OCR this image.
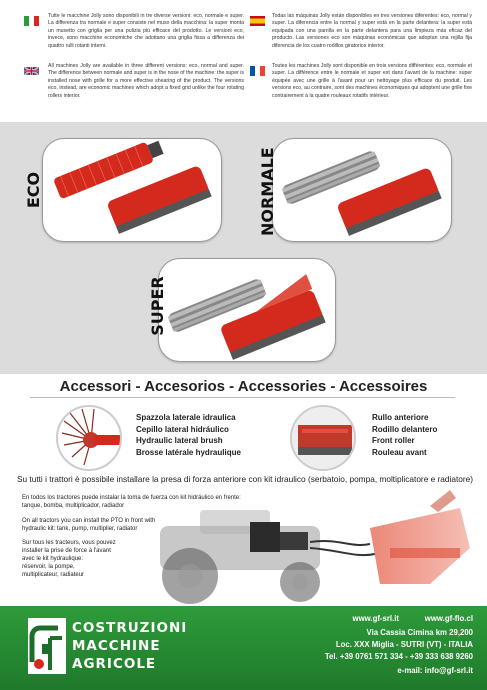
Tutte le macchine Jolly sono disponibili in tre diverse versioni: eco, normale e super. La differenza tra normale e super consiste nel muso della macchina: la super monta un musetto con griglia per una pulizia più efficace del prodotto. Le versioni eco, invece, sono macchine economiche che adottano una griglia fissa a differenza dei quattro rulli rotanti interni.
Todas las máquinas Jolly están disponibles en tres versiones diferentes: eco, normal y super. La diferencia entre la normal y super está en la parte delantera: la super está equipada con una parrilla en la parte delantera para una limpieza más eficaz del producto. Las versiones eco son máquinas económicas que adoptan una rejilla fija diferencia de los cuatro rodillos giratorios interior.
All machines Jolly are available in three different versions: eco, normal and super. The difference between normale and super is in the nose of the machine: the super is installed nose with grille for a more effective shearing of the product. The versions eco, instead, are economic machines which adopt a fixed grid unlike the four rotating rollers interior.
Toutes les machines Jolly sont disponible en trois versions différentes: eco, normale et super. La différence entre le normale et super est dans l'avant de la machine: super équipée avec une grille à l'avant pour un nettoyage plus efficace du produit. Les versions eco, au contraire, sont des machines économiques qui adoptent une grille fixe contrairement à la quatre rouleaux rotatifs intérieur.
ECO	NORMALE
SUPER
Accessori - Accesorios - Accessories - Accessoires
Spazzola laterale idraulica
Cepillo lateral hidráulico
Hydraulic lateral brush
Brosse latérale hydraulique
Rullo anteriore
Rodillo delantero
Front roller
Rouleau avant
Su tutti i trattori è possibile installare la presa di forza anteriore con kit idraulico (serbatoio, pompa, moltiplicatore e radiatore)
En todos los tractores puede instalar la toma de fuerza con kit hidráulico en frente:
tanque, bomba, multiplicador, radiador
On all tractors you can install the PTO in front with
hydraulic kit: tank, pump, multiplier, radiator
Sur tous les tracteurs, vous pouvez
installer la prise de force à l'avant
avec le kit hydraulique:
réservoir, la pompe,
multiplicateur, radiateur
COSTRUZIONI
MACCHINE
AGRICOLE
www.gf-srl.it	www.gf-flo.cl
Via Cassia Cimina km 29,200
Loc. XXX Miglia - SUTRI (VT) - ITALIA
Tel. +39 0761 571 334 - +39 333 638 9260
e-mail: info@gf-srl.it
